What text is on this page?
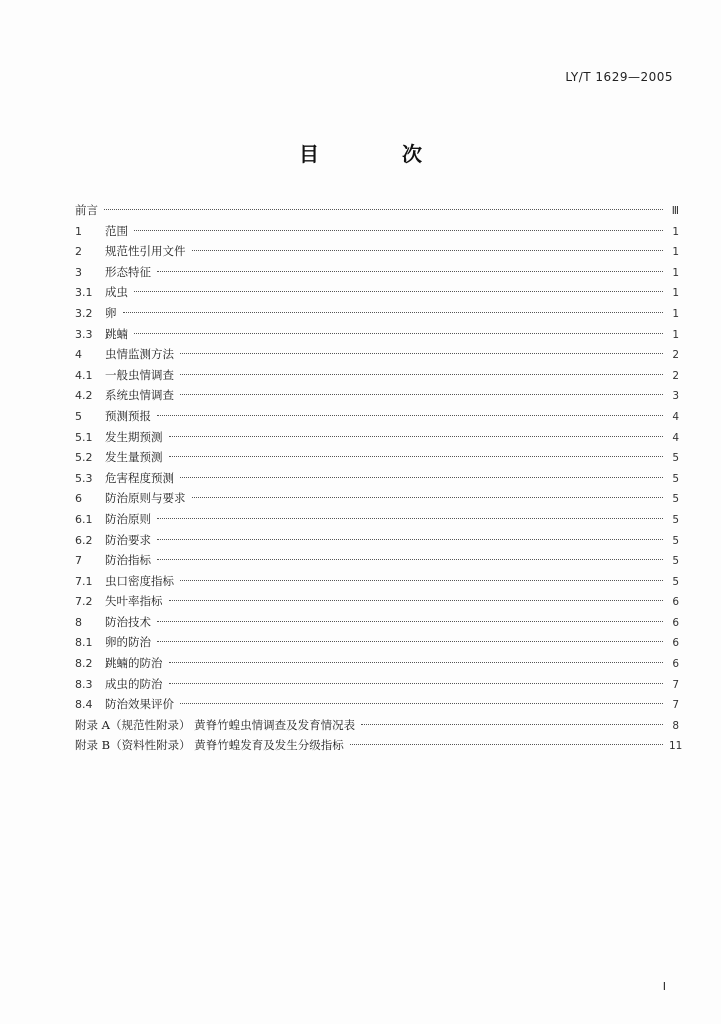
LY/T 1629—2005
目 次
前言	Ⅲ
1	范围	1
2	规范性引用文件	1
3	形态特征	1
3.1	成虫	1
3.2	卵	1
3.3	跳蝻	1
4	虫情监测方法	2
4.1	一般虫情调查	2
4.2	系统虫情调查	3
5	预测预报	4
5.1	发生期预测	4
5.2	发生量预测	5
5.3	危害程度预测	5
6	防治原则与要求	5
6.1	防治原则	5
6.2	防治要求	5
7	防治指标	5
7.1	虫口密度指标	5
7.2	失叶率指标	6
8	防治技术	6
8.1	卵的防治	6
8.2	跳蝻的防治	6
8.3	成虫的防治	7
8.4	防治效果评价	7
附录 A（规范性附录） 黄脊竹蝗虫情调查及发育情况表	8
附录 B（资料性附录） 黄脊竹蝗发育及发生分级指标	11
I
